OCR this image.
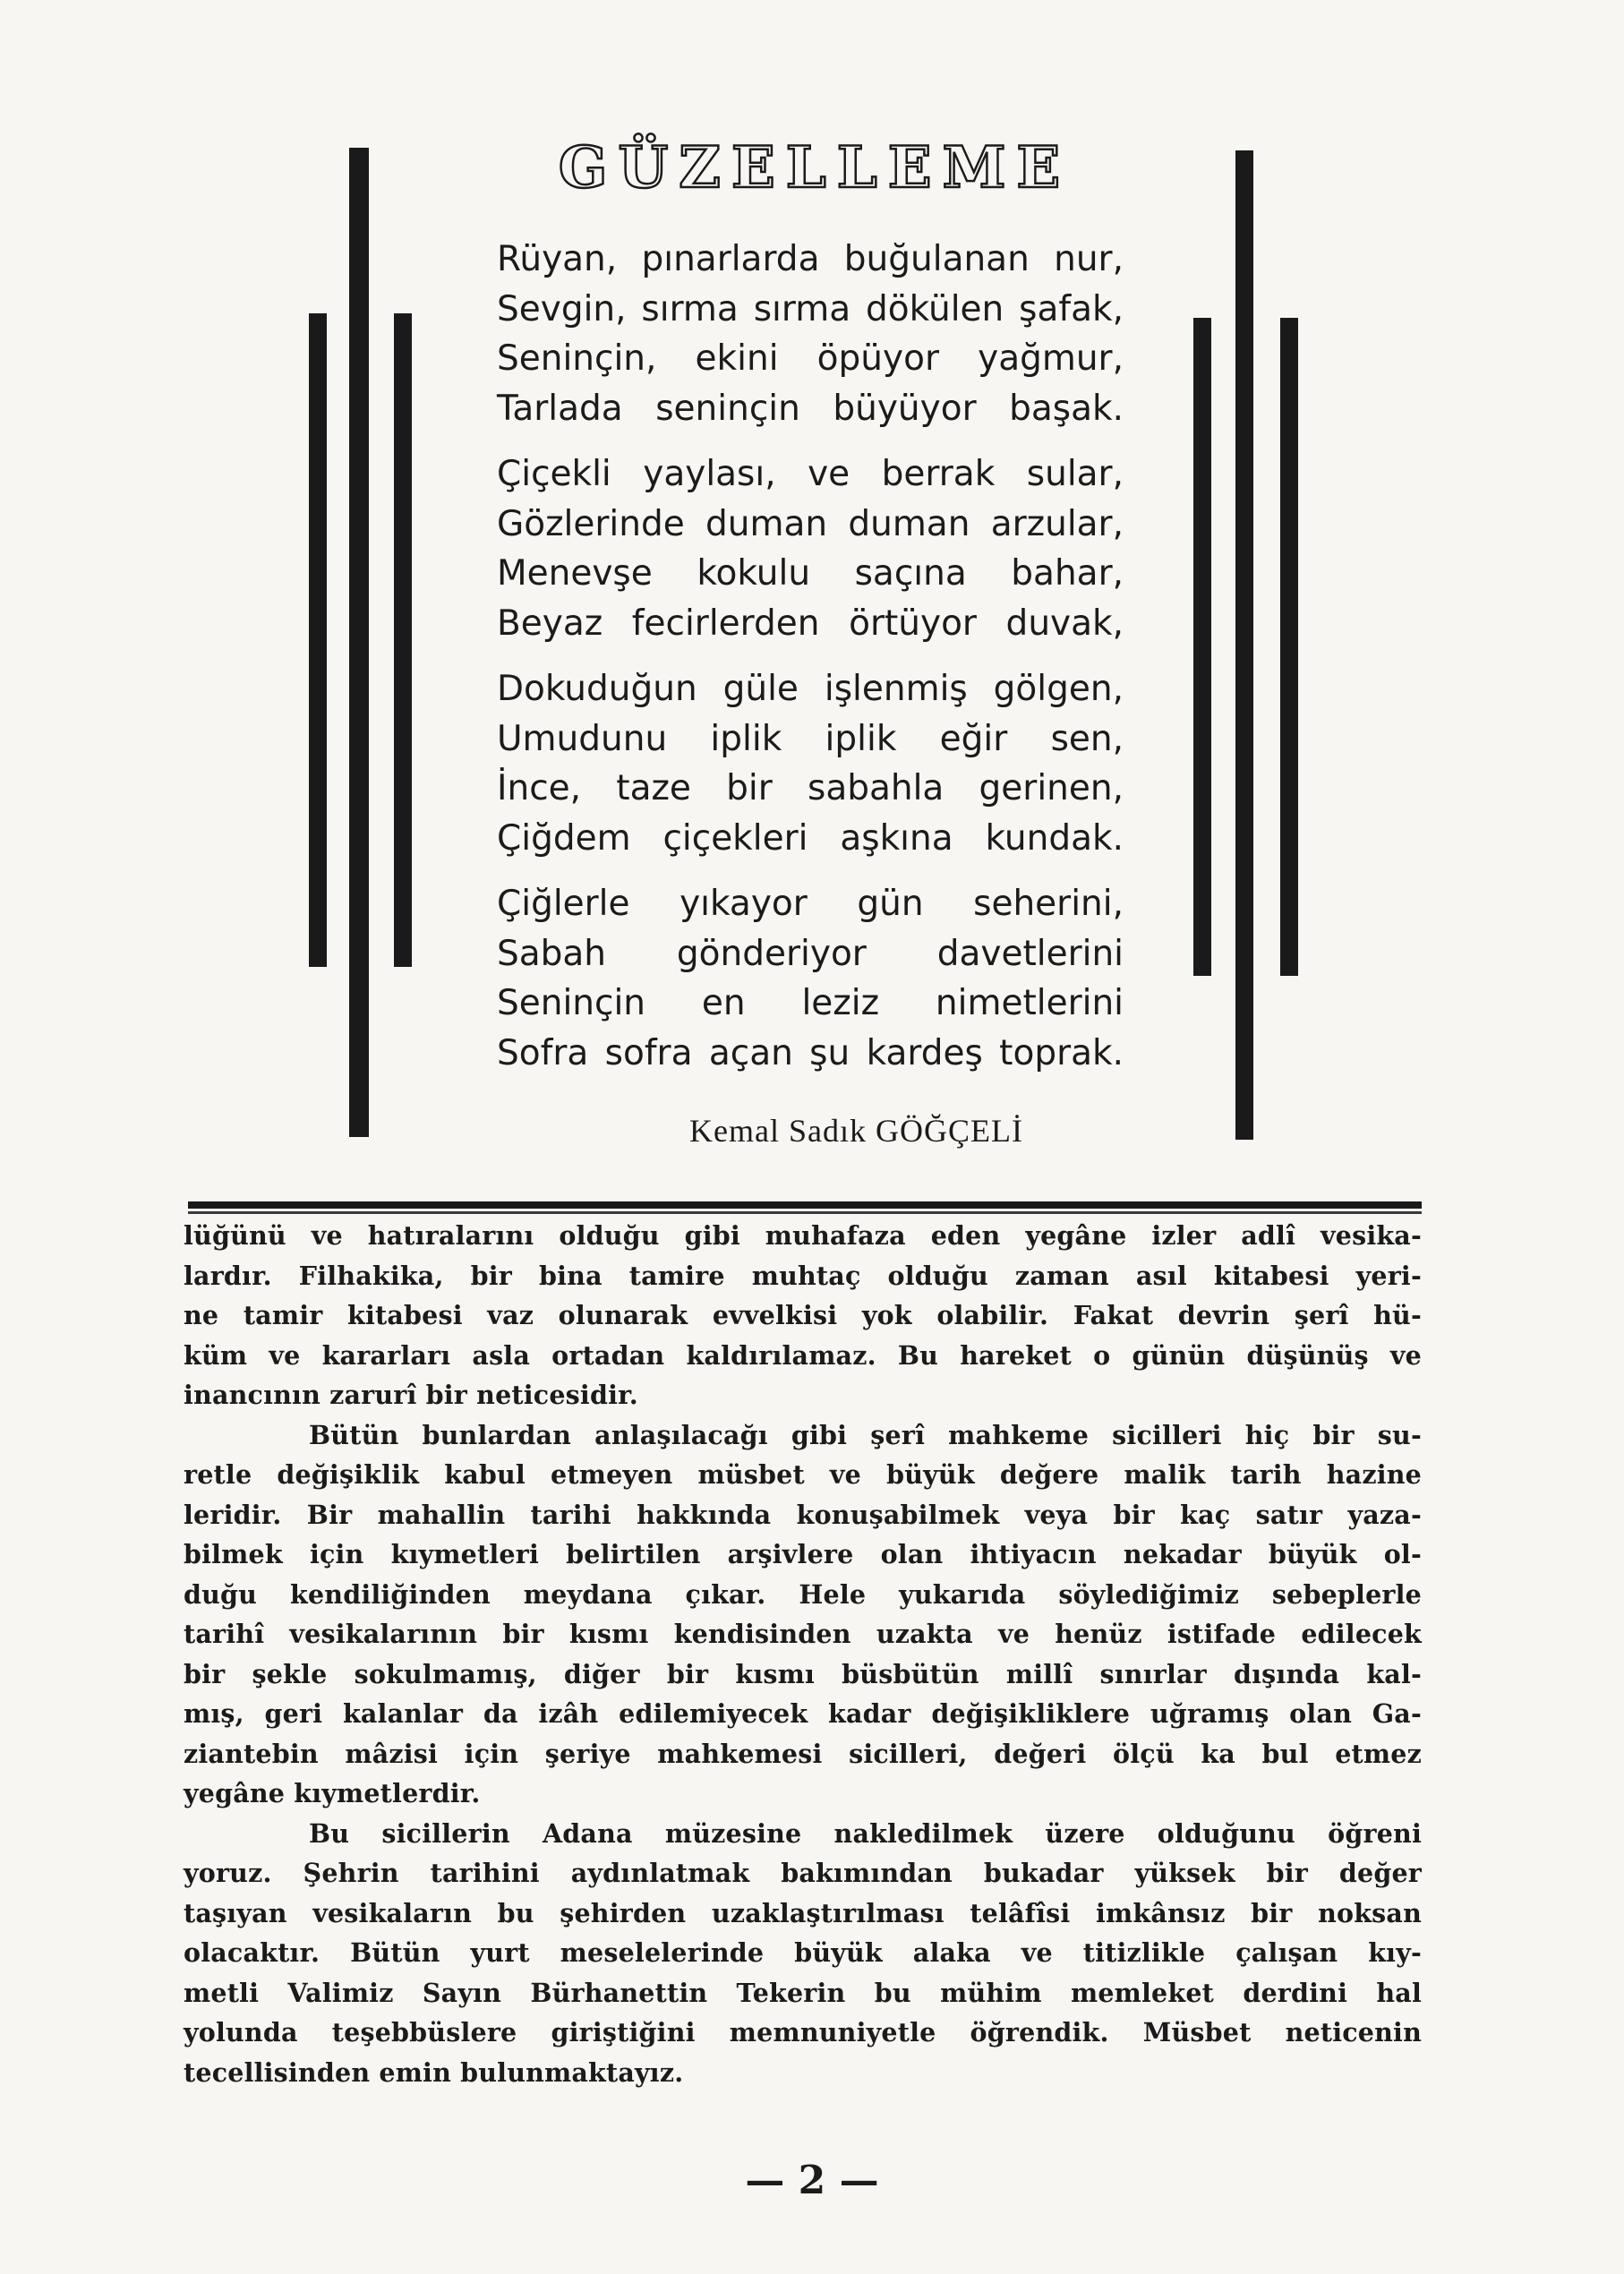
GÜZELLEME
Rüyan, pınarlarda buğulanan nur,
Sevgin, sırma sırma dökülen şafak,
Seninçin, ekini öpüyor yağmur,
Tarlada seninçin büyüyor başak.
Çiçekli yaylası, ve berrak sular,
Gözlerinde duman duman arzular,
Menevşe kokulu saçına bahar,
Beyaz fecirlerden örtüyor duvak,
Dokuduğun güle işlenmiş gölgen,
Umudunu iplik iplik eğir sen,
İnce, taze bir sabahla gerinen,
Çiğdem çiçekleri aşkına kundak.
Çiğlerle yıkayor gün seherini,
Sabah gönderiyor davetlerini
Seninçin en leziz nimetlerini
Sofra sofra açan şu kardeş toprak.
Kemal Sadık GÖĞÇELİ
lüğünü ve hatıralarını olduğu gibi muhafaza eden yegâne izler adlî vesika-
lardır. Filhakika, bir bina tamire muhtaç olduğu zaman asıl kitabesi yeri-
ne tamir kitabesi vaz olunarak evvelkisi yok olabilir. Fakat devrin şerî hü-
küm ve kararları asla ortadan kaldırılamaz. Bu hareket o günün düşünüş ve
inancının zarurî bir neticesidir.
Bütün bunlardan anlaşılacağı gibi şerî mahkeme sicilleri hiç bir su-
retle değişiklik kabul etmeyen müsbet ve büyük değere malik tarih hazine
leridir. Bir mahallin tarihi hakkında konuşabilmek veya bir kaç satır yaza-
bilmek için kıymetleri belirtilen arşivlere olan ihtiyacın nekadar büyük ol-
duğu kendiliğinden meydana çıkar. Hele yukarıda söylediğimiz sebeplerle
tarihî vesikalarının bir kısmı kendisinden uzakta ve henüz istifade edilecek
bir şekle sokulmamış, diğer bir kısmı büsbütün millî sınırlar dışında kal-
mış, geri kalanlar da izâh edilemiyecek kadar değişikliklere uğramış olan Ga-
ziantebin mâzisi için şeriye mahkemesi sicilleri, değeri ölçü ka bul etmez
yegâne kıymetlerdir.
Bu sicillerin Adana müzesine nakledilmek üzere olduğunu öğreni
yoruz. Şehrin tarihini aydınlatmak bakımından bukadar yüksek bir değer
taşıyan vesikaların bu şehirden uzaklaştırılması telâfîsi imkânsız bir noksan
olacaktır. Bütün yurt meselelerinde büyük alaka ve titizlikle çalışan kıy-
metli Valimiz Sayın Bürhanettin Tekerin bu mühim memleket derdini hal
yolunda teşebbüslere giriştiğini memnuniyetle öğrendik. Müsbet neticenin
tecellisinden emin bulunmaktayız.
— 2 —
